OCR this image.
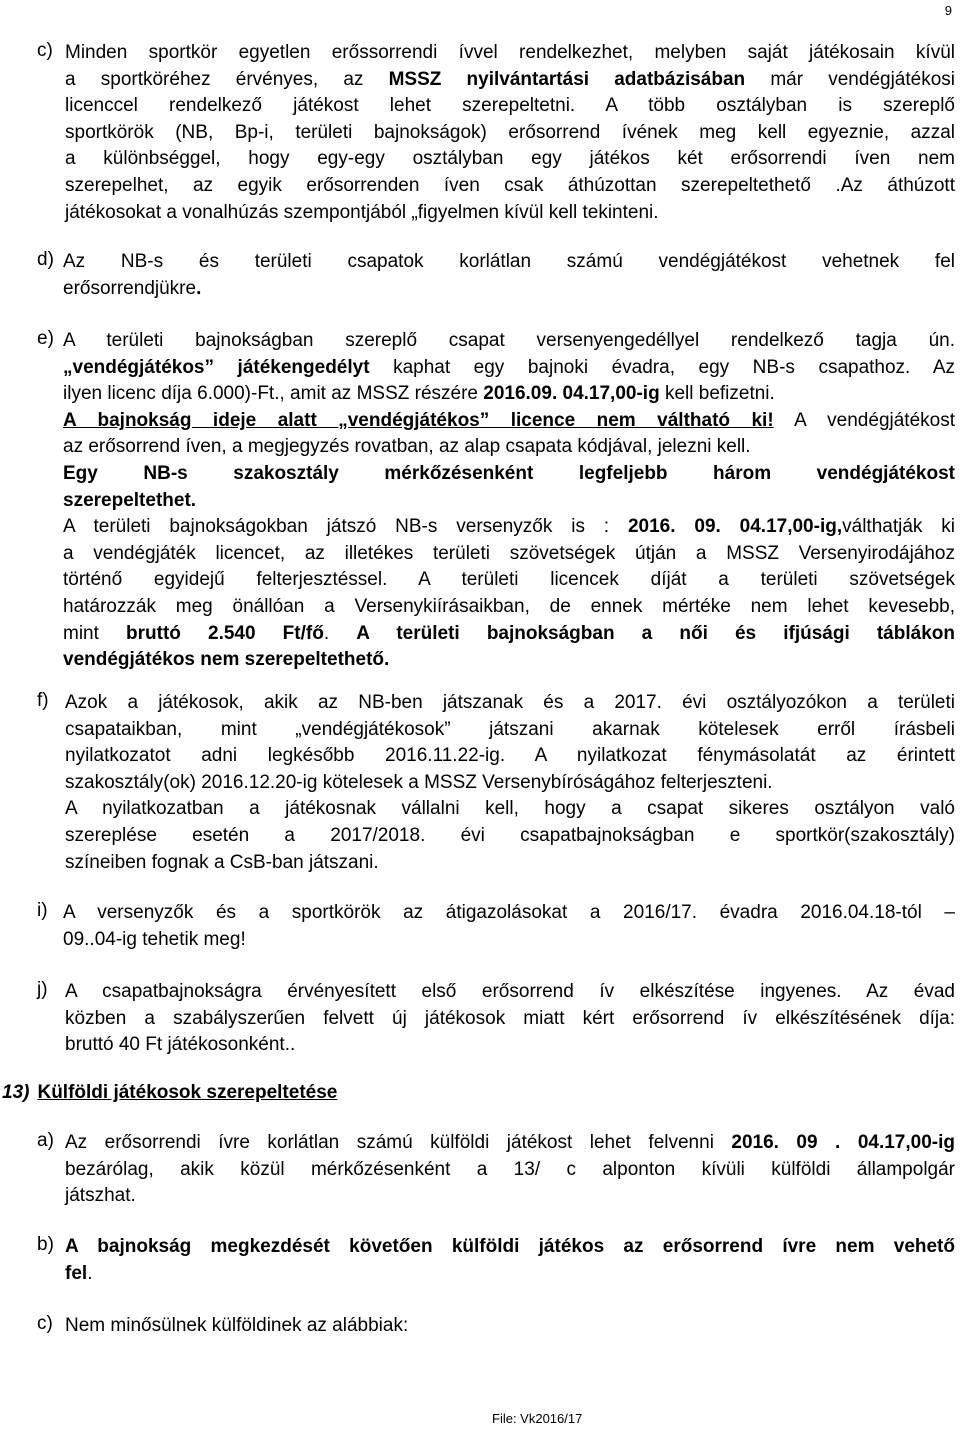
9
c) Minden sportkör egyetlen erőssorrendi ívvel rendelkezhet, melyben saját játékosain kívül
a sportköréhez érvényes, az MSSZ nyilvántartási adatbázisában már vendégjátékosi
licenccel rendelkező játékost lehet szerepeltetni. A több osztályban is szereplő
sportkörök (NB, Bp-i, területi bajnokságok) erősorrend ívének meg kell egyeznie, azzal
a különbséggel, hogy egy-egy osztályban egy játékos két erősorrendi íven nem
szerepelhet, az egyik erősorrenden íven csak áthúzottan szerepeltethető .Az áthúzott
játékosokat a vonalhúzás szempontjából „figyelmen kívül kell tekinteni.
d) Az NB-s és területi csapatok korlátlan számú vendégjátékost vehetnek fel
erősorrendjükre.
e) A területi bajnokságban szereplő csapat versenyengedéllyel rendelkező tagja ún.
„vendégjátékos” játékengedélyt kaphat egy bajnoki évadra, egy NB-s csapathoz. Az
ilyen licenc díja 6.000)-Ft., amit az MSSZ részére 2016.09. 04.17,00-ig kell befizetni.
A bajnokság ideje alatt „vendégjátékos” licence nem váltható ki! A vendégjátékost
az erősorrend íven, a megjegyzés rovatban, az alap csapata kódjával, jelezni kell.
Egy NB-s szakosztály mérkőzésenként legfeljebb három vendégjátékost
szerepeltethet.
A területi bajnokságokban játszó NB-s versenyzők is : 2016. 09. 04.17,00-ig,válthatják ki
a vendégjáték licencet, az illetékes területi szövetségek útján a MSSZ Versenyirodájához
történő egyidejű felterjesztéssel. A területi licencek díját a területi szövetségek
határozzák meg önállóan a Versenykiírásaikban, de ennek mértéke nem lehet kevesebb,
mint bruttó 2.540 Ft/fő. A területi bajnokságban a női és ifjúsági táblákon
vendégjátékos nem szerepeltethető.
f) Azok a játékosok, akik az NB-ben játszanak és a 2017. évi osztályozókon a területi
csapataikban, mint „vendégjátékosok” játszani akarnak kötelesek erről írásbeli
nyilatkozatot adni legkésőbb 2016.11.22-ig. A nyilatkozat fénymásolatát az érintett
szakosztály(ok) 2016.12.20-ig kötelesek a MSSZ Versenybíróságához felterjeszteni.
A nyilatkozatban a játékosnak vállalni kell, hogy a csapat sikeres osztályon való
szereplése esetén a 2017/2018. évi csapatbajnokságban e sportkör(szakosztály)
színeiben fognak a CsB-ban játszani.
i) A versenyzők és a sportkörök az átigazolásokat a 2016/17. évadra 2016.04.18-tól –
09..04-ig tehetik meg!
j) A csapatbajnokságra érvényesített első erősorrend ív elkészítése ingyenes. Az évad
közben a szabályszerűen felvett új játékosok miatt kért erősorrend ív elkészítésének díja:
bruttó 40 Ft játékosonként..
13) Külföldi játékosok szerepeltetése
a) Az erősorrendi ívre korlátlan számú külföldi játékost lehet felvenni 2016. 09 . 04.17,00-ig
bezárólag, akik közül mérkőzésenként a 13/ c alponton kívüli külföldi állampolgár
játszhat.
b) A bajnokság megkezdését követően külföldi játékos az erősorrend ívre nem vehető
fel.
c) Nem minősülnek külföldinek az alábbiak:
File: Vk2016/17
